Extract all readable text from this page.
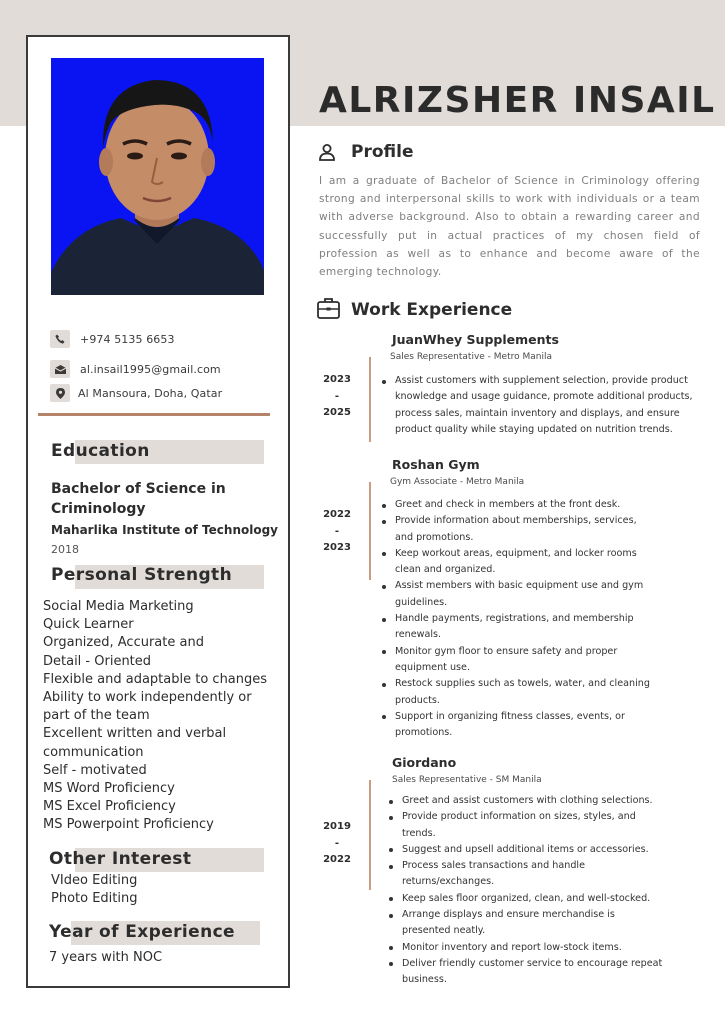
+974 5135 6653
al.insail1995@gmail.com
Al Mansoura, Doha, Qatar
Education
Bachelor of Science in
Criminology
Maharlika Institute of Technology
2018
Personal Strength
Social Media Marketing
Quick Learner
Organized, Accurate and
Detail - Oriented
Flexible and adaptable to changes
Ability to work independently or
part of the team
Excellent written and verbal
communication
Self - motivated
MS Word Proficiency
MS Excel Proficiency
MS Powerpoint Proficiency
Other Interest
VIdeo Editing
Photo Editing
Year of Experience
7 years with NOC
ALRIZSHER INSAIL
Profile
I am a graduate of Bachelor of Science in Criminology offering strong and interpersonal skills to work with individuals or a team with adverse background. Also to obtain a rewarding career and successfully put in actual practices of my chosen field of profession as well as to enhance and become aware of the emerging technology.
Work Experience
JuanWhey Supplements
Sales Representative - Metro Manila
2023
-
2025
Assist customers with supplement selection, provide product
knowledge and usage guidance, promote additional products,
process sales, maintain inventory and displays, and ensure
product quality while staying updated on nutrition trends.
Roshan Gym
Gym Associate - Metro Manila
2022
-
2023
Greet and check in members at the front desk.
Provide information about memberships, services,
and promotions.
Keep workout areas, equipment, and locker rooms
clean and organized.
Assist members with basic equipment use and gym
guidelines.
Handle payments, registrations, and membership
renewals.
Monitor gym floor to ensure safety and proper
equipment use.
Restock supplies such as towels, water, and cleaning
products.
Support in organizing fitness classes, events, or
promotions.
Giordano
Sales Representative - SM Manila
2019
-
2022
Greet and assist customers with clothing selections.
Provide product information on sizes, styles, and
trends.
Suggest and upsell additional items or accessories.
Process sales transactions and handle
returns/exchanges.
Keep sales floor organized, clean, and well-stocked.
Arrange displays and ensure merchandise is
presented neatly.
Monitor inventory and report low-stock items.
Deliver friendly customer service to encourage repeat
business.
